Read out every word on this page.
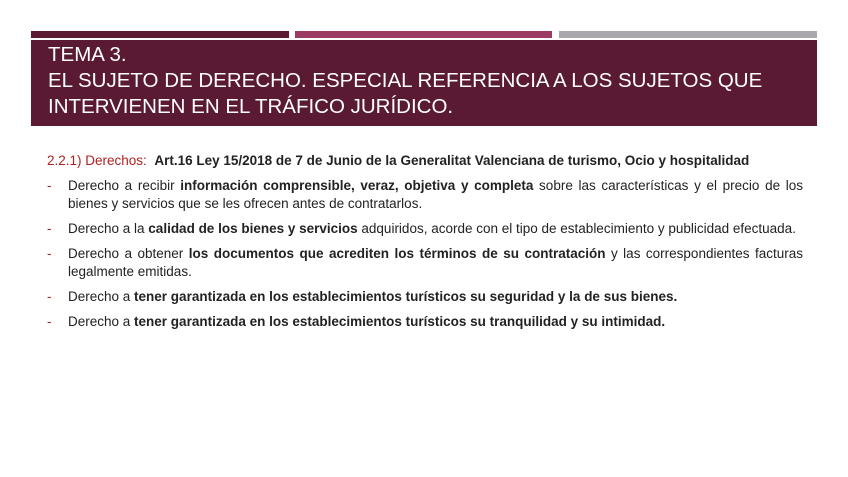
TEMA 3.
EL SUJETO DE DERECHO. ESPECIAL REFERENCIA A LOS SUJETOS QUE
INTERVIENEN EN EL TRÁFICO JURÍDICO.

2.2.1) Derechos: Art.16 Ley 15/2018 de 7 de Junio de la Generalitat Valenciana de turismo, Ocio y hospitalidad

- Derecho a recibir información comprensible, veraz, objetiva y completa sobre las características y el precio de los bienes y servicios que se les ofrecen antes de contratarlos.
- Derecho a la calidad de los bienes y servicios adquiridos, acorde con el tipo de establecimiento y publicidad efectuada.
- Derecho a obtener los documentos que acrediten los términos de su contratación y las correspondientes facturas legalmente emitidas.
- Derecho a tener garantizada en los establecimientos turísticos su seguridad y la de sus bienes.
- Derecho a tener garantizada en los establecimientos turísticos su tranquilidad y su intimidad.
